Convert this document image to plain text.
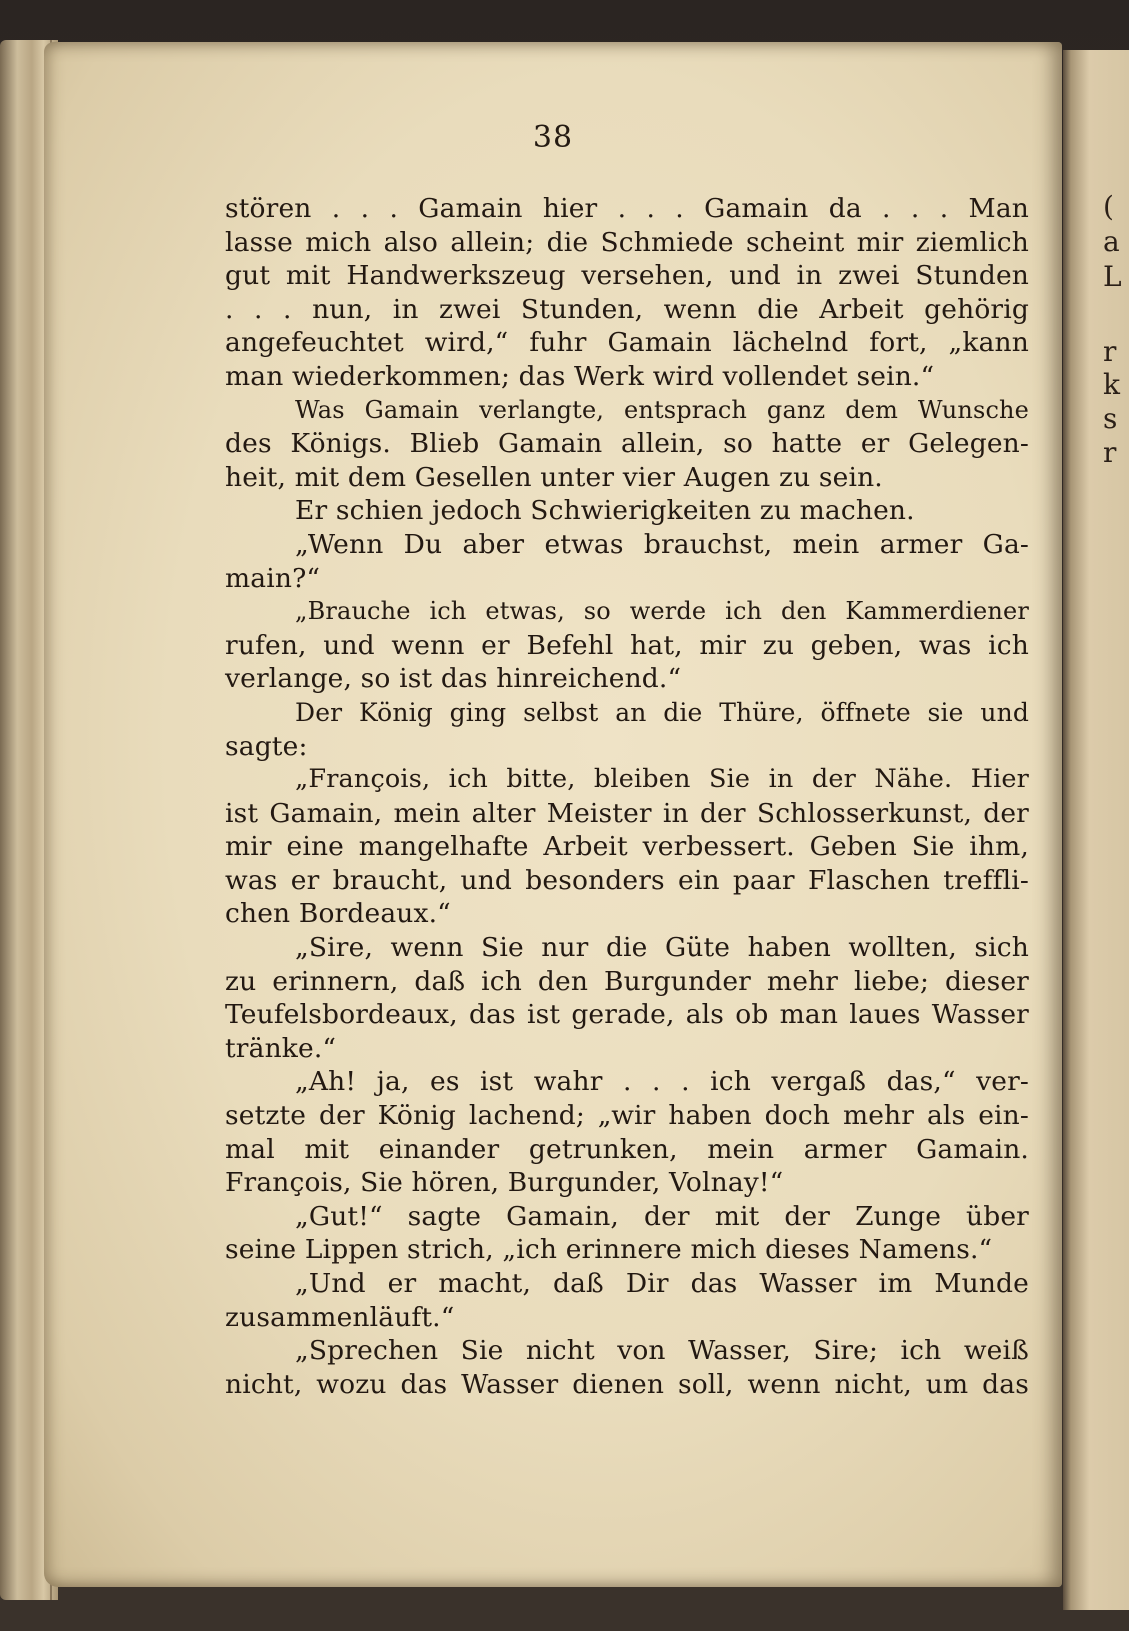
(
a
L
r
k
s
r
38
stören . . . Gamain hier . . . Gamain da . . . Man
lasse mich also allein; die Schmiede scheint mir ziemlich
gut mit Handwerkszeug versehen, und in zwei Stunden
. . . nun, in zwei Stunden, wenn die Arbeit gehörig
angefeuchtet wird,“ fuhr Gamain lächelnd fort, „kann
man wiederkommen; das Werk wird vollendet sein.“
Was Gamain verlangte, entsprach ganz dem Wunsche
des Königs. Blieb Gamain allein, so hatte er Gelegen-
heit, mit dem Gesellen unter vier Augen zu sein.
Er schien jedoch Schwierigkeiten zu machen.
„Wenn Du aber etwas brauchst, mein armer Ga-
main?“
„Brauche ich etwas, so werde ich den Kammerdiener
rufen, und wenn er Befehl hat, mir zu geben, was ich
verlange, so ist das hinreichend.“
Der König ging selbst an die Thüre, öffnete sie und
sagte:
„François, ich bitte, bleiben Sie in der Nähe. Hier
ist Gamain, mein alter Meister in der Schlosserkunst, der
mir eine mangelhafte Arbeit verbessert. Geben Sie ihm,
was er braucht, und besonders ein paar Flaschen treffli-
chen Bordeaux.“
„Sire, wenn Sie nur die Güte haben wollten, sich
zu erinnern, daß ich den Burgunder mehr liebe; dieser
Teufelsbordeaux, das ist gerade, als ob man laues Wasser
tränke.“
„Ah! ja, es ist wahr . . . ich vergaß das,“ ver-
setzte der König lachend; „wir haben doch mehr als ein-
mal mit einander getrunken, mein armer Gamain.
François, Sie hören, Burgunder, Volnay!“
„Gut!“ sagte Gamain, der mit der Zunge über
seine Lippen strich, „ich erinnere mich dieses Namens.“
„Und er macht, daß Dir das Wasser im Munde
zusammenläuft.“
„Sprechen Sie nicht von Wasser, Sire; ich weiß
nicht, wozu das Wasser dienen soll, wenn nicht, um das
